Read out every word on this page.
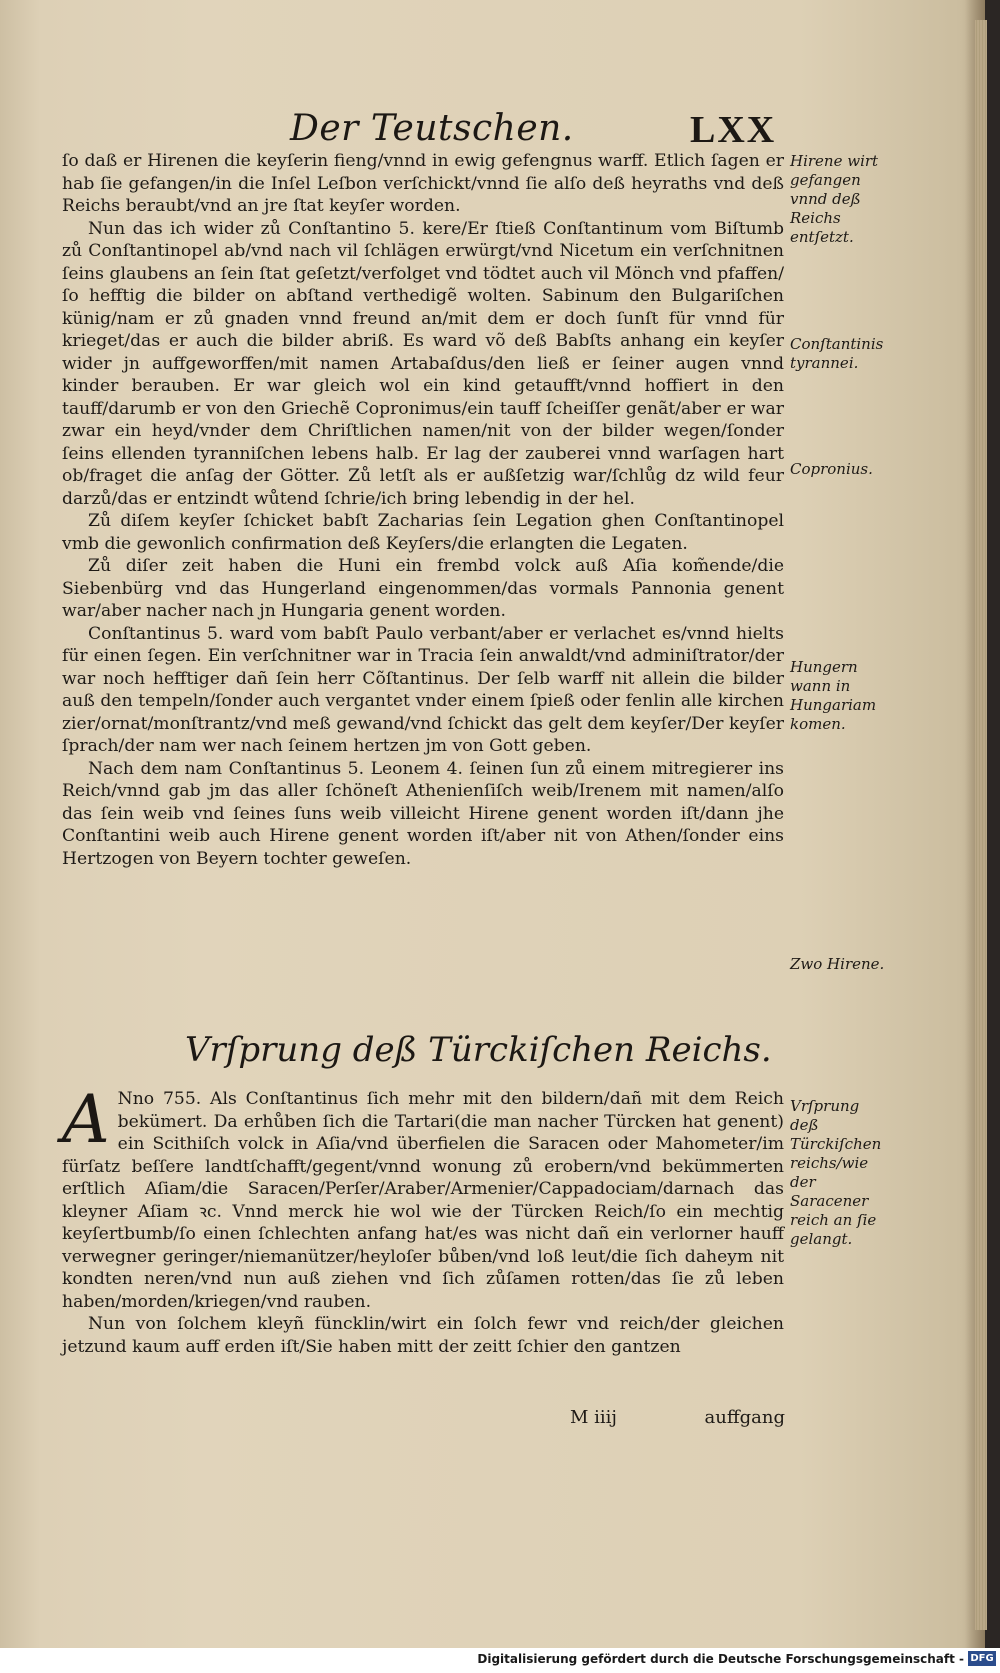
Der Teutschen.	LXX

ſo daß er Hirenen die keyſerin fieng/vnnd in ewig gefengnus warff. Etlich ſagen er hab ſie gefangen/in die Inſel Leſbon verſchickt/vnnd ſie alſo deß heyraths vnd deß Reichs beraubt/vnd an jre ſtat keyſer worden.

Nun das ich wider zů Conſtantino 5. kere/Er ſtieß Conſtantinum vom Biſtumb zů Conſtantinopel ab/vnd nach vil ſchlägen erwürgt/vnd Nicetum ein verſchnitnen ſeins glaubens an ſein ſtat geſetzt/verfolget vnd tödtet auch vil Mönch vnd pfaffen/ſo hefftig die bilder on abſtand verthedigẽ wolten. Sabinum den Bulgariſchen künig/nam er zů gnaden vnnd freund an/mit dem er doch ſunſt für vnnd für krieget/das er auch die bilder abriß. Es ward võ deß Babſts anhang ein keyſer wider jn auffgeworffen/mit namen Artabaſdus/den ließ er ſeiner augen vnnd kinder berauben. Er war gleich wol ein kind getaufft/vnnd hoffiert in den tauff/darumb er von den Griechẽ Copronimus/ein tauff ſcheiſſer genãt/aber er war zwar ein heyd/vnder dem Chriſtlichen namen/nit von der bilder wegen/ſonder ſeins ellenden tyranniſchen lebens halb. Er lag der zauberei vnnd warſagen hart ob/fraget die anſag der Götter. Zů letſt als er außſetzig war/ſchlůg dz wild feur darzů/das er entzindt wůtend ſchrie/ich bring lebendig in der hel.

Zů diſem keyſer ſchicket babſt Zacharias ſein Legation ghen Conſtantinopel vmb die gewonlich confirmation deß Keyſers/die erlangten die Legaten.

Zů diſer zeit haben die Huni ein frembd volck auß Aſia kom̃ende/die Siebenbürg vnd das Hungerland eingenommen/das vormals Pannonia genent war/aber nacher nach jn Hungaria genent worden.

Conſtantinus 5. ward vom babſt Paulo verbant/aber er verlachet es/vnnd hielts für einen ſegen. Ein verſchnitner war in Tracia ſein anwaldt/vnd adminiſtrator/der war noch hefftiger dañ ſein herr Cõſtantinus. Der ſelb warff nit allein die bilder auß den tempeln/ſonder auch vergantet vnder einem ſpieß oder fenlin alle kirchen zier/ornat/monſtrantz/vnd meß gewand/vnd ſchickt das gelt dem keyſer/Der keyſer ſprach/der nam wer nach ſeinem hertzen jm von Gott geben.

Nach dem nam Conſtantinus 5. Leonem 4. ſeinen ſun zů einem mitregierer ins Reich/vnnd gab jm das aller ſchöneſt Athenienſiſch weib/Irenem mit namen/alſo das ſein weib vnd ſeines ſuns weib villeicht Hirene genent worden iſt/dann jhe Conſtantini weib auch Hirene genent worden iſt/aber nit von Athen/ſonder eins Hertzogen von Beyern tochter geweſen.

Vrſprung deß Türckiſchen Reichs.

A Nno 755. Als Conſtantinus ſich mehr mit den bildern/dañ mit dem Reich bekümert. Da erhůben ſich die Tartari(die man nacher Türcken hat genent) ein Scithiſch volck in Aſia/vnd überfielen die Saracen oder Mahometer/im fürſatz beſſere landtſchafft/gegent/vnnd wonung zů erobern/vnd bekümmerten erſtlich Aſiam/die Saracen/Perſer/Araber/Armenier/Cappadociam/darnach das kleyner Aſiam ꝛc. Vnnd merck hie wol wie der Türcken Reich/ſo ein mechtig keyſertbumb/ſo einen ſchlechten anfang hat/es was nicht dañ ein verlorner hauff verwegner geringer/niemanützer/heyloſer bůben/vnd loß leut/die ſich daheym nit kondten neren/vnd nun auß ziehen vnd ſich zůſamen rotten/das ſie zů leben haben/morden/kriegen/vnd rauben.

Nun von ſolchem kleyñ füncklin/wirt ein ſolch fewr vnd reich/der gleichen jetzund kaum auff erden iſt/Sie haben mitt der zeitt ſchier den gantzen

Hirene wirt gefangen vnnd deß Reichs entſetzt.
Conſtantinis tyrannei.
Copronius.
Hungern wann in Hungariam komen.
Zwo Hirene.
Vrſprung deß Türckiſchen reichs/wie der Saracener reich an ſie gelangt.
M iiij	auffgang
Digitalisierung gefördert durch die Deutsche Forschungsgemeinschaft - DFG
